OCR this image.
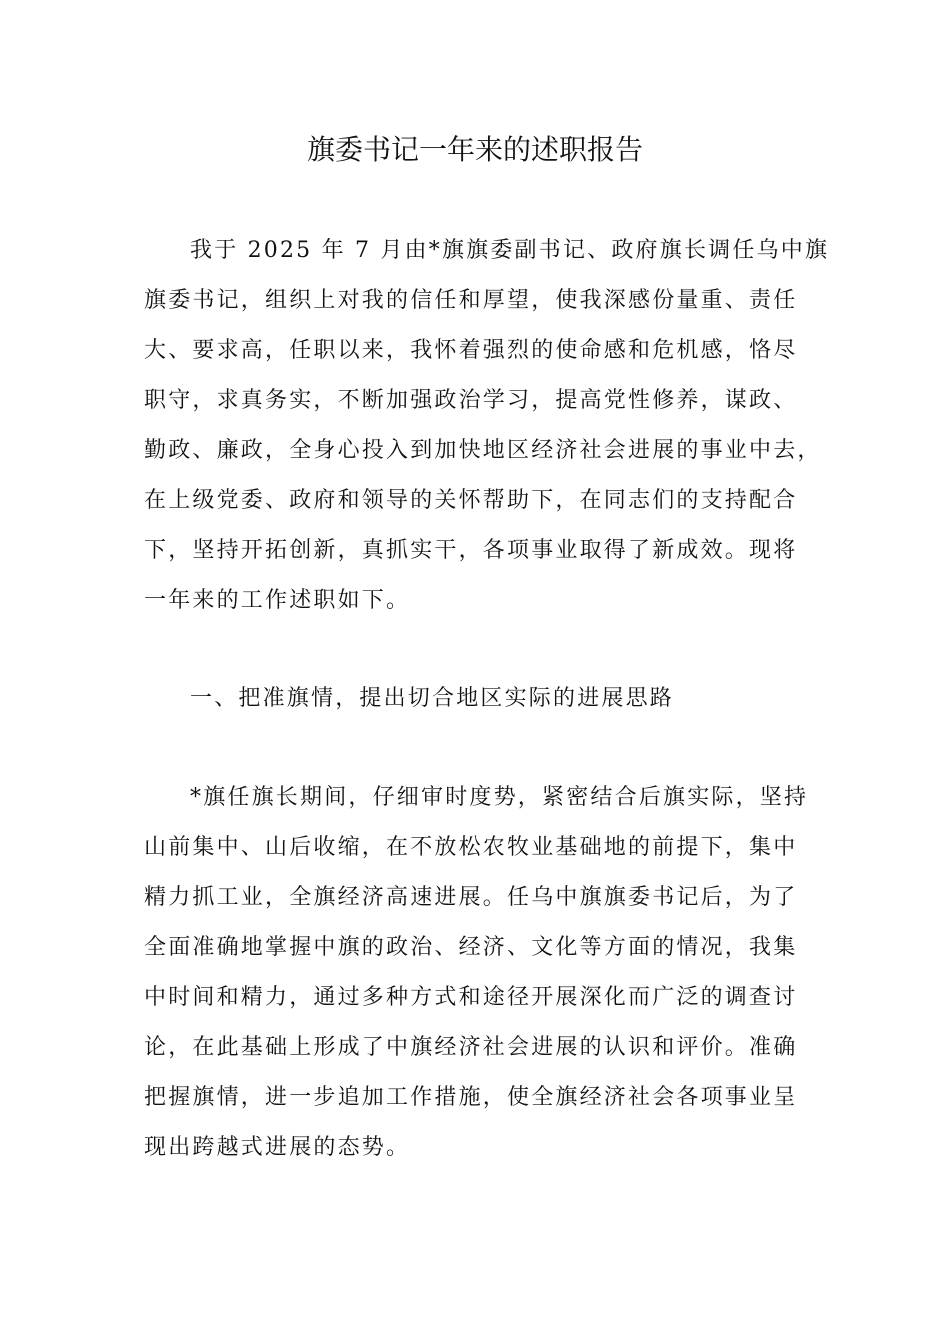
旗委书记一年来的述职报告
我于 2025 年 7 月由*旗旗委副书记、政府旗长调任乌中旗
旗委书记，组织上对我的信任和厚望，使我深感份量重、责任
大、要求高，任职以来，我怀着强烈的使命感和危机感，恪尽
职守，求真务实，不断加强政治学习，提高党性修养，谋政、
勤政、廉政，全身心投入到加快地区经济社会进展的事业中去，
在上级党委、政府和领导的关怀帮助下，在同志们的支持配合
下，坚持开拓创新，真抓实干，各项事业取得了新成效。现将
一年来的工作述职如下。
一、把准旗情，提出切合地区实际的进展思路
*旗任旗长期间，仔细审时度势，紧密结合后旗实际，坚持
山前集中、山后收缩，在不放松农牧业基础地的前提下，集中
精力抓工业，全旗经济高速进展。任乌中旗旗委书记后，为了
全面准确地掌握中旗的政治、经济、文化等方面的情况，我集
中时间和精力，通过多种方式和途径开展深化而广泛的调查讨
论，在此基础上形成了中旗经济社会进展的认识和评价。准确
把握旗情，进一步追加工作措施，使全旗经济社会各项事业呈
现出跨越式进展的态势。
